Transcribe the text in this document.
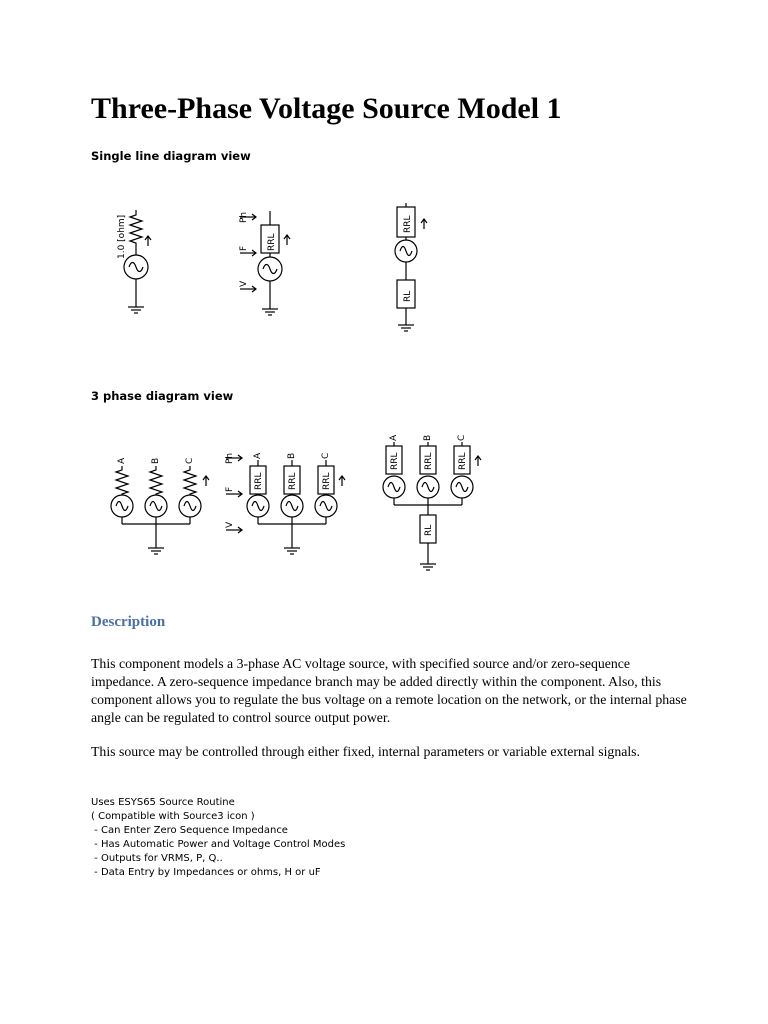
Three-Phase Voltage Source Model 1
Single line diagram view
1.0 [ohm]	Ph
F
V
RRL
RRL
RL
3 phase diagram view
A	B	C
A	B	C
A	B	C
Ph
F
V
RRL	RRL	RRL
RRL	RRL	RRL
RL
Description

This component models a 3-phase AC voltage source, with specified source and/or zero-sequence impedance. A zero-sequence impedance branch may be added directly within the component. Also, this component allows you to regulate the bus voltage on a remote location on the network, or the internal phase angle can be regulated to control source output power.

This source may be controlled through either fixed, internal parameters or variable external signals.

Uses ESYS65 Source Routine
( Compatible with Source3 icon )
- Can Enter Zero Sequence Impedance
- Has Automatic Power and Voltage Control Modes
- Outputs for VRMS, P, Q..
- Data Entry by Impedances or ohms, H or uF
